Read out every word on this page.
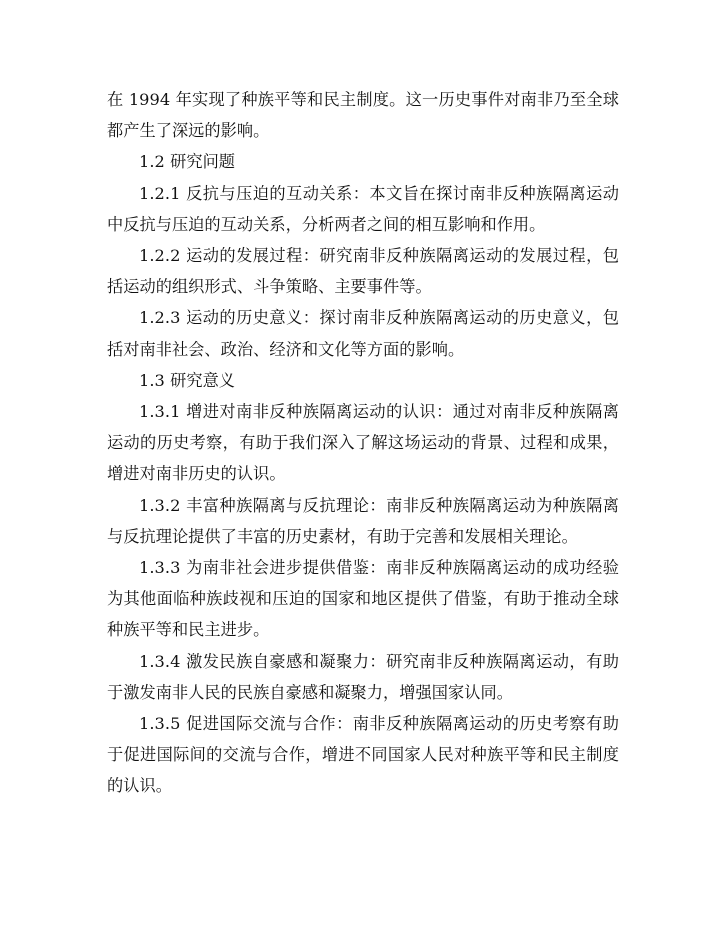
在 1994 年实现了种族平等和民主制度。这一历史事件对南非乃至全球都产生了深远的影响。

1.2 研究问题

1.2.1 反抗与压迫的互动关系：本文旨在探讨南非反种族隔离运动中反抗与压迫的互动关系，分析两者之间的相互影响和作用。

1.2.2 运动的发展过程：研究南非反种族隔离运动的发展过程，包括运动的组织形式、斗争策略、主要事件等。

1.2.3 运动的历史意义：探讨南非反种族隔离运动的历史意义，包括对南非社会、政治、经济和文化等方面的影响。

1.3 研究意义

1.3.1 增进对南非反种族隔离运动的认识：通过对南非反种族隔离运动的历史考察，有助于我们深入了解这场运动的背景、过程和成果，增进对南非历史的认识。

1.3.2 丰富种族隔离与反抗理论：南非反种族隔离运动为种族隔离与反抗理论提供了丰富的历史素材，有助于完善和发展相关理论。

1.3.3 为南非社会进步提供借鉴：南非反种族隔离运动的成功经验为其他面临种族歧视和压迫的国家和地区提供了借鉴，有助于推动全球种族平等和民主进步。

1.3.4 激发民族自豪感和凝聚力：研究南非反种族隔离运动，有助于激发南非人民的民族自豪感和凝聚力，增强国家认同。

1.3.5 促进国际交流与合作：南非反种族隔离运动的历史考察有助于促进国际间的交流与合作，增进不同国家人民对种族平等和民主制度的认识。
